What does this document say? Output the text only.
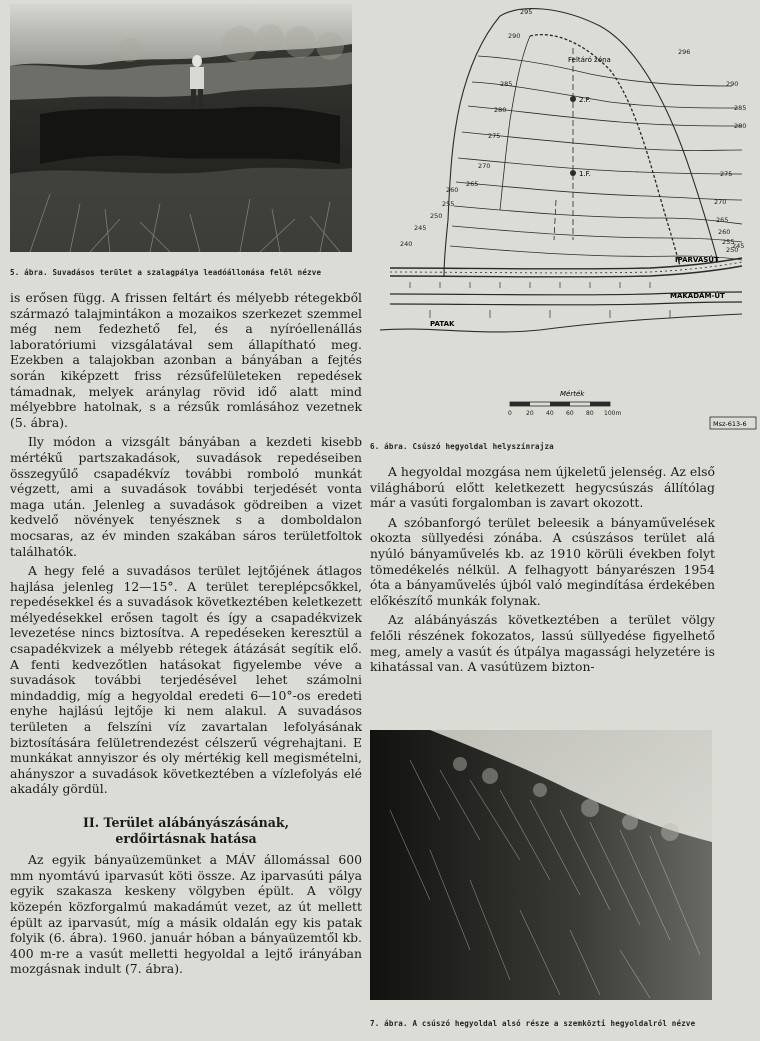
5. ábra. Suvadásos terület a szalagpálya leadóállomása felől nézve

is erősen függ. A frissen feltárt és mélyebb rétegekből származó talajmintákon a mozaikos szerkezet szemmel még nem fedezhető fel, és a nyíróellenállás laboratóriumi vizsgálatával sem állapítható meg. Ezekben a talajokban azonban a bányában a fejtés során kiképzett friss rézsűfelületeken repedések támadnak, melyek aránylag rövid idő alatt mind mélyebbre hatolnak, s a rézsűk romlásához vezetnek (5. ábra).

Ily módon a vizsgált bányában a kezdeti kisebb mértékű partszakadások, suvadások repedéseiben összegyűlő csapadékvíz további romboló munkát végzett, ami a suvadások további terjedését vonta maga után. Jelenleg a suvadások gödreiben a vizet kedvelő növények tenyésznek s a domboldalon mocsaras, az év minden szakában sáros területfoltok találhatók.

A hegy felé a suvadásos terület lejtőjének átlagos hajlása jelenleg 12—15°. A terület tereplépcsőkkel, repedésekkel és a suvadások következtében keletkezett mélyedésekkel erősen tagolt és így a csapadékvizek levezetése nincs biztosítva. A repedéseken keresztül a csapadékvizek a mélyebb rétegek átázását segítik elő. A fenti kedvezőtlen hatásokat figyelembe véve a suvadások további terjedésével lehet számolni mindaddig, míg a hegyoldal eredeti 6—10°-os eredeti enyhe hajlású lejtője ki nem alakul. A suvadásos területen a felszíni víz zavartalan lefolyásának biztosítására felületrendezést célszerű végrehajtani. E munkákat annyiszor és oly mértékig kell megismételni, ahányszor a suvadások következtében a vízlefolyás elé akadály gördül.

II. Terület alábányászásának,
erdőirtásnak hatása

Az egyik bányaüzemünket a MÁV állomással 600 mm nyomtávú iparvasút köti össze. Az iparvasúti pálya egyik szakasza keskeny völgyben épült. A völgy közepén közforgalmú makadámút vezet, az út mellett épült az iparvasút, míg a másik oldalán egy kis patak folyik (6. ábra). 1960. január hóban a bányaüzemtől kb. 400 m-re a vasút melletti hegyoldal a lejtő irányában mozgásnak indult (7. ábra).

Feltáró zóna
2.F.
1.F.
IPARVASÚT
MAKADÁM-ÚT
PATAK
295
290
285
280
275
270
265
260
255
250
245
240
296
290
285
280
275
270
265
260
255
250
245
Mérték
0 20 40 60 80 100m
Msz-613-6
6. ábra. Csúszó hegyoldal helyszínrajza

A hegyoldal mozgása nem újkeletű jelenség. Az első világháború előtt keletkezett hegycsúszás állítólag már a vasúti forgalomban is zavart okozott.

A szóbanforgó terület beleesik a bányaművelések okozta süllyedési zónába. A csúszásos terület alá nyúló bányaművelés kb. az 1910 körüli években folyt tömedékelés nélkül. A felhagyott bányarészen 1954 óta a bányaművelés újból való megindítása érdekében előkészítő munkák folynak.

Az alábányászás következtében a terület völgy felőli részének fokozatos, lassú süllyedése figyelhető meg, amely a vasút és útpálya magassági helyzetére is kihatással van. A vasútüzem bizton-

7. ábra. A csúszó hegyoldal alsó része a szemközti hegyoldalról nézve
